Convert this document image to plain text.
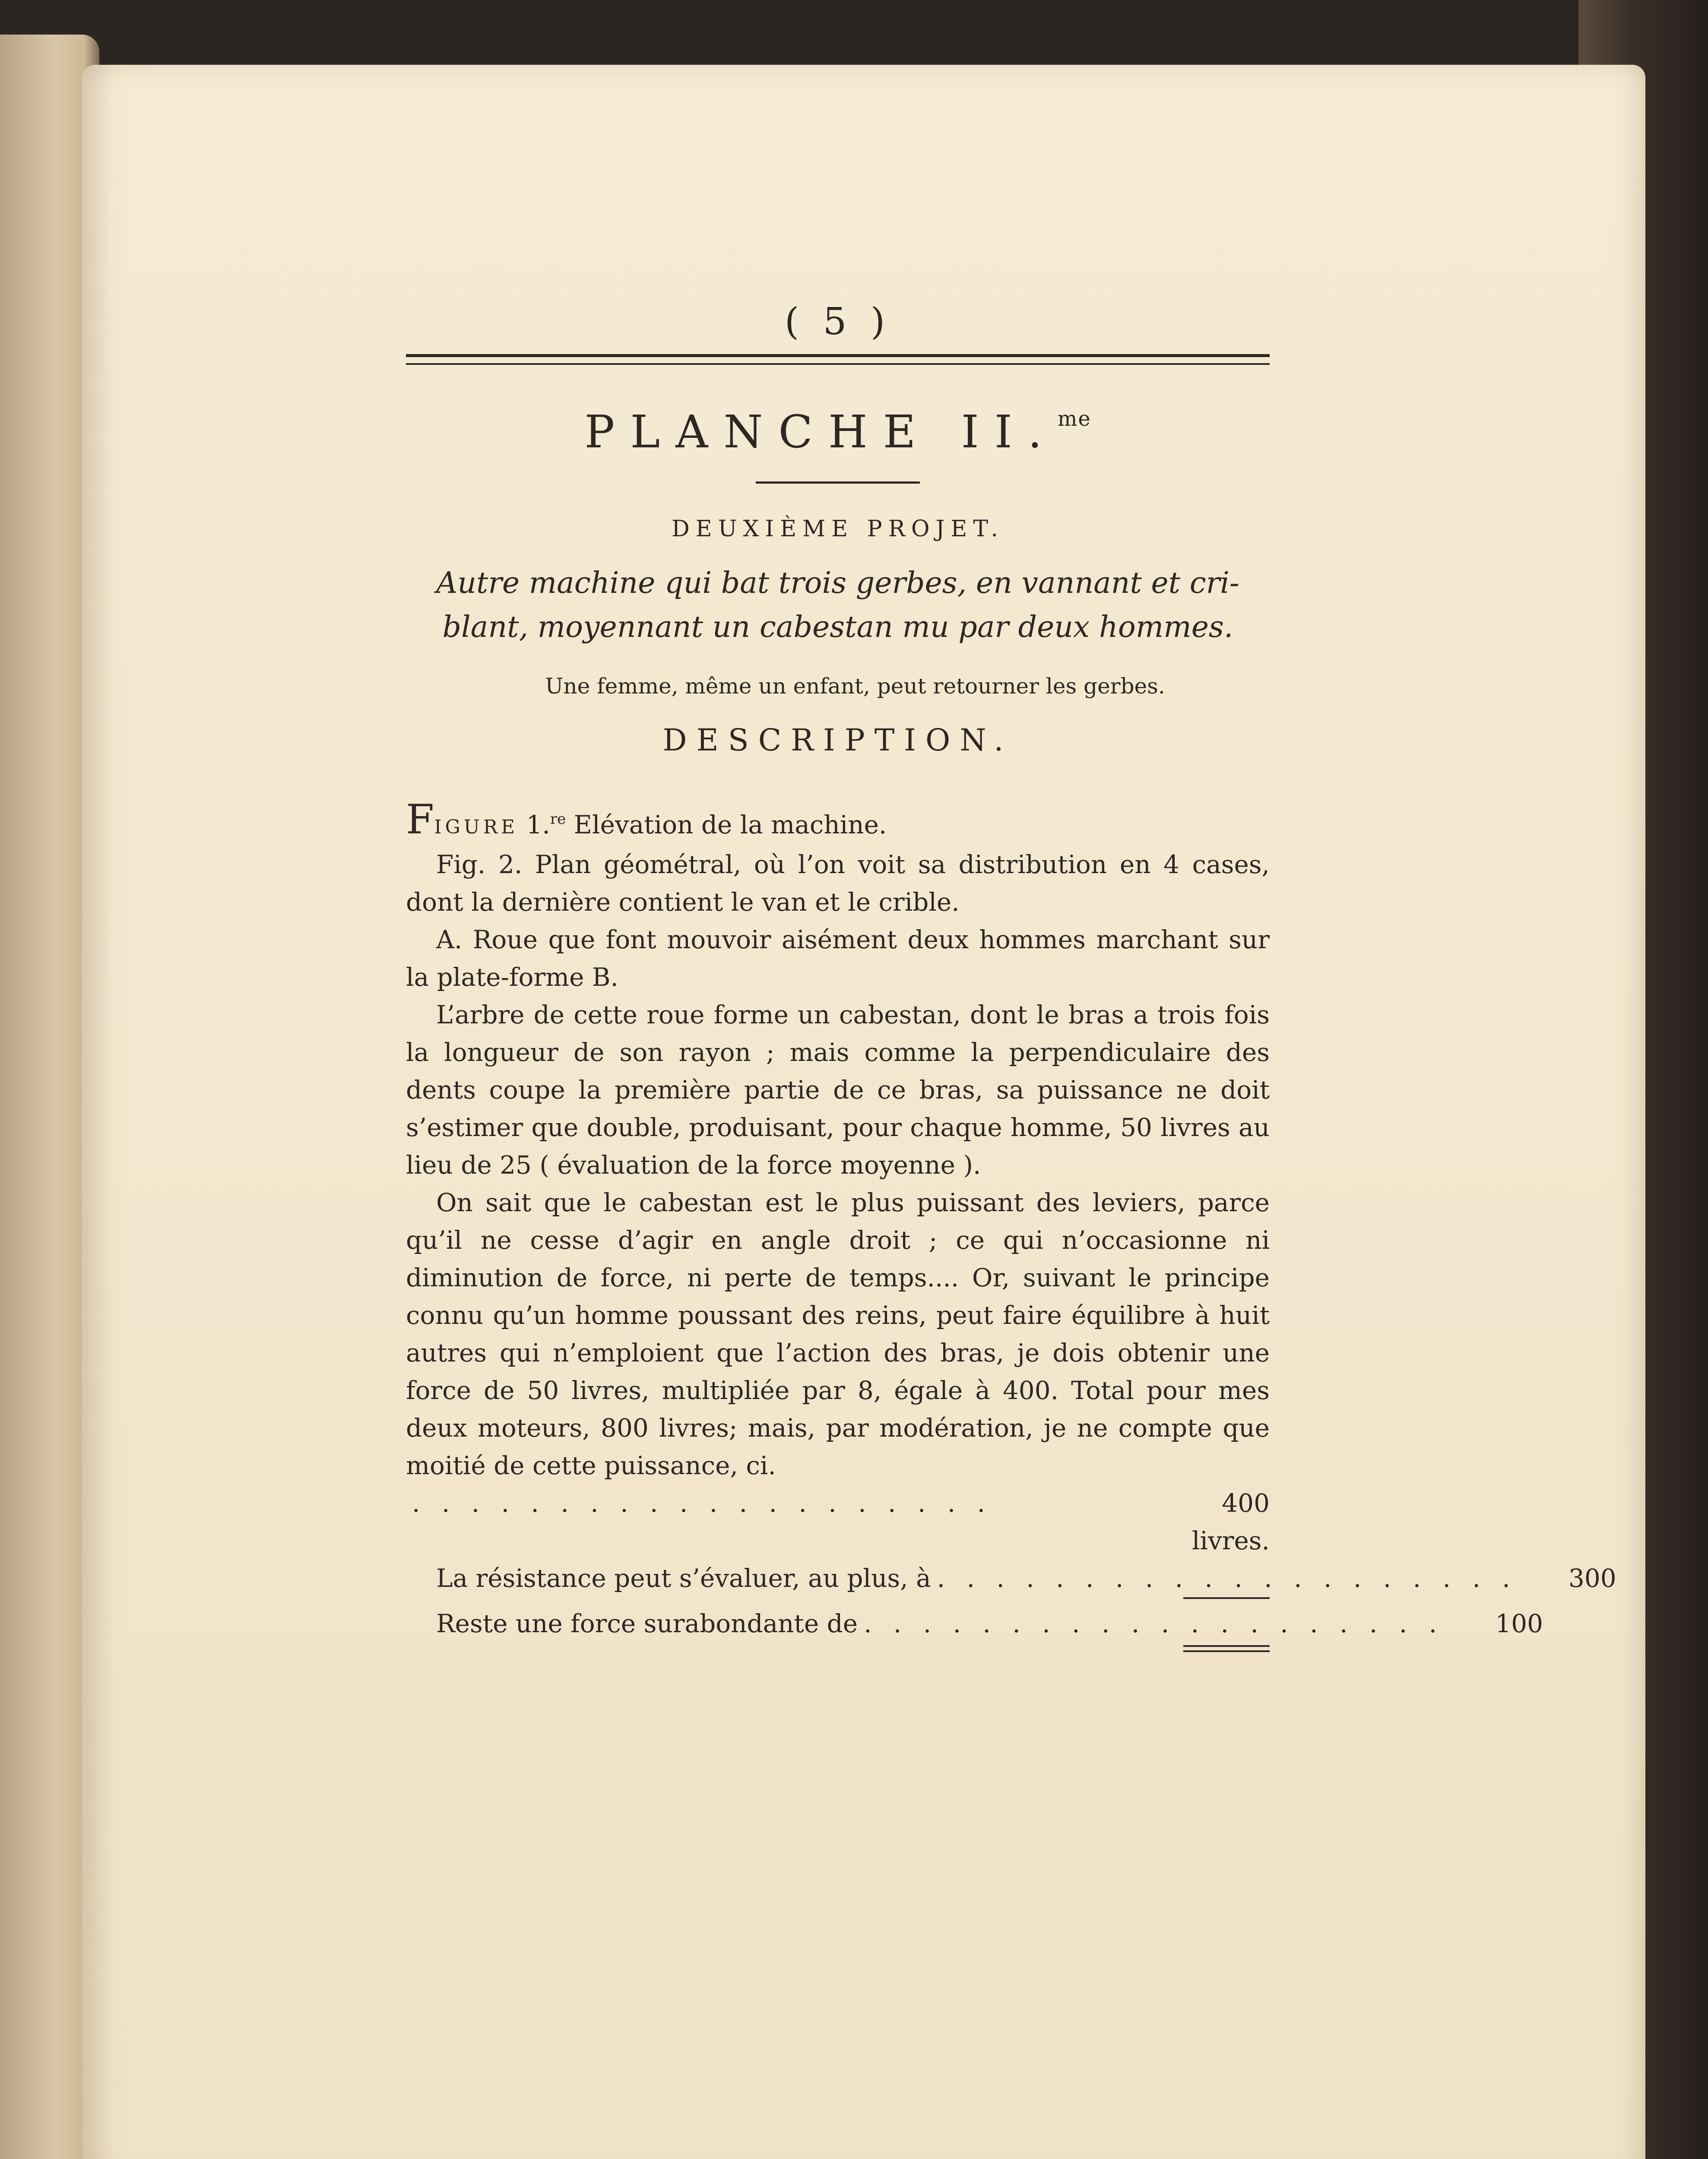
( 5 )
PLANCHE II.$^{me}$
DEUXIÈME PROJET.
Autre machine qui bat trois gerbes, en vannant et cri-
blant, moyennant un cabestan mu par deux hommes.
Une femme, même un enfant, peut retourner les gerbes.
DESCRIPTION.

FIGURE 1.$^{re}$ Elévation de la machine.

Fig. 2. Plan géométral, où l’on voit sa distribution en 4 cases, dont la dernière contient le van et le crible.

A. Roue que font mouvoir aisément deux hommes marchant sur la plate-forme B.

L’arbre de cette roue forme un cabestan, dont le bras a trois fois la longueur de son rayon ; mais comme la perpendiculaire des dents coupe la première partie de ce bras, sa puissance ne doit s’estimer que double, produisant, pour chaque homme, 50 livres au lieu de 25 ( évaluation de la force moyenne ).

On sait que le cabestan est le plus puissant des leviers, parce qu’il ne cesse d’agir en angle droit ; ce qui n’occasionne ni diminution de force, ni perte de temps.... Or, suivant le principe connu qu’un homme poussant des reins, peut faire équilibre à huit autres qui n’emploient que l’action des bras, je dois obtenir une force de 50 livres, multipliée par 8, égale à 400. Total pour mes deux moteurs, 800 livres; mais, par modération, je ne compte que moitié de cette puissance, ci.

. . . . . . . . . . . . . . . . . . . .	400 livres.
La résistance peut s’évaluer, au plus, à . . . . . . . . . . . . . . . . . . . .	300
Reste une force surabondante de . . . . . . . . . . . . . . . . . . . .	100
